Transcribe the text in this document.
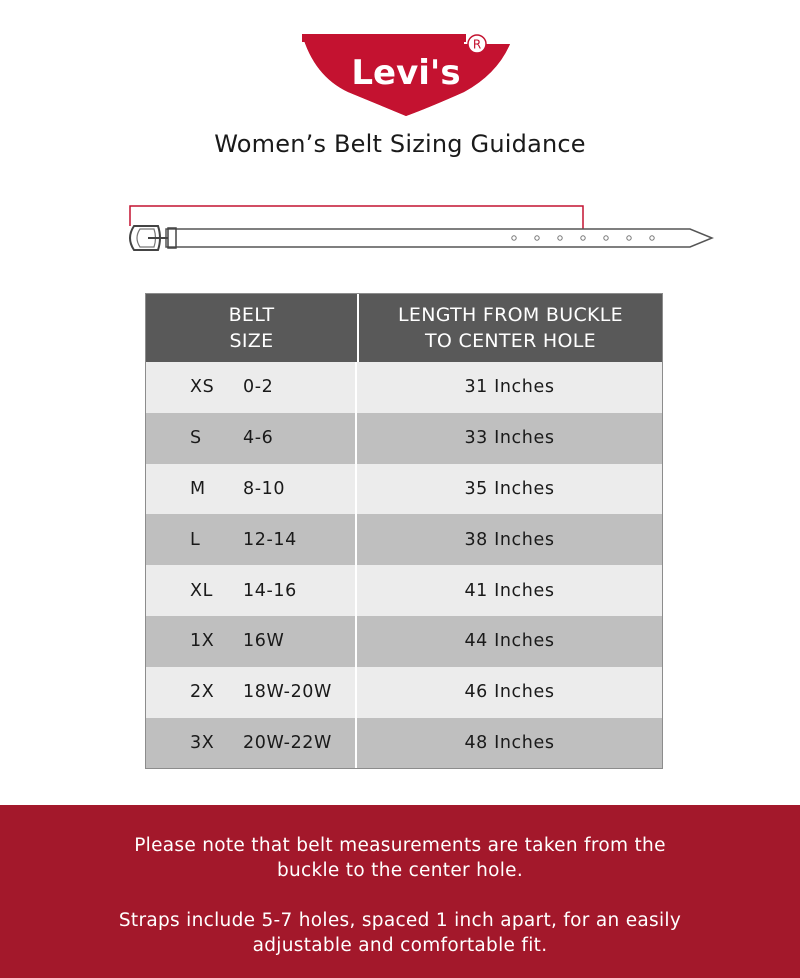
Levi's
R
Women’s Belt Sizing Guidance
BELT
SIZE
LENGTH FROM BUCKLE
TO CENTER HOLE
XS	0-2	31 Inches
S	4-6	33 Inches
M	8-10	35 Inches
L	12-14	38 Inches
XL	14-16	41 Inches
1X	16W	44 Inches
2X	18W-20W	46 Inches
3X	20W-22W	48 Inches

Please note that belt measurements are taken from the buckle to the center hole.

Straps include 5-7 holes, spaced 1 inch apart, for an easily adjustable and comfortable fit.
